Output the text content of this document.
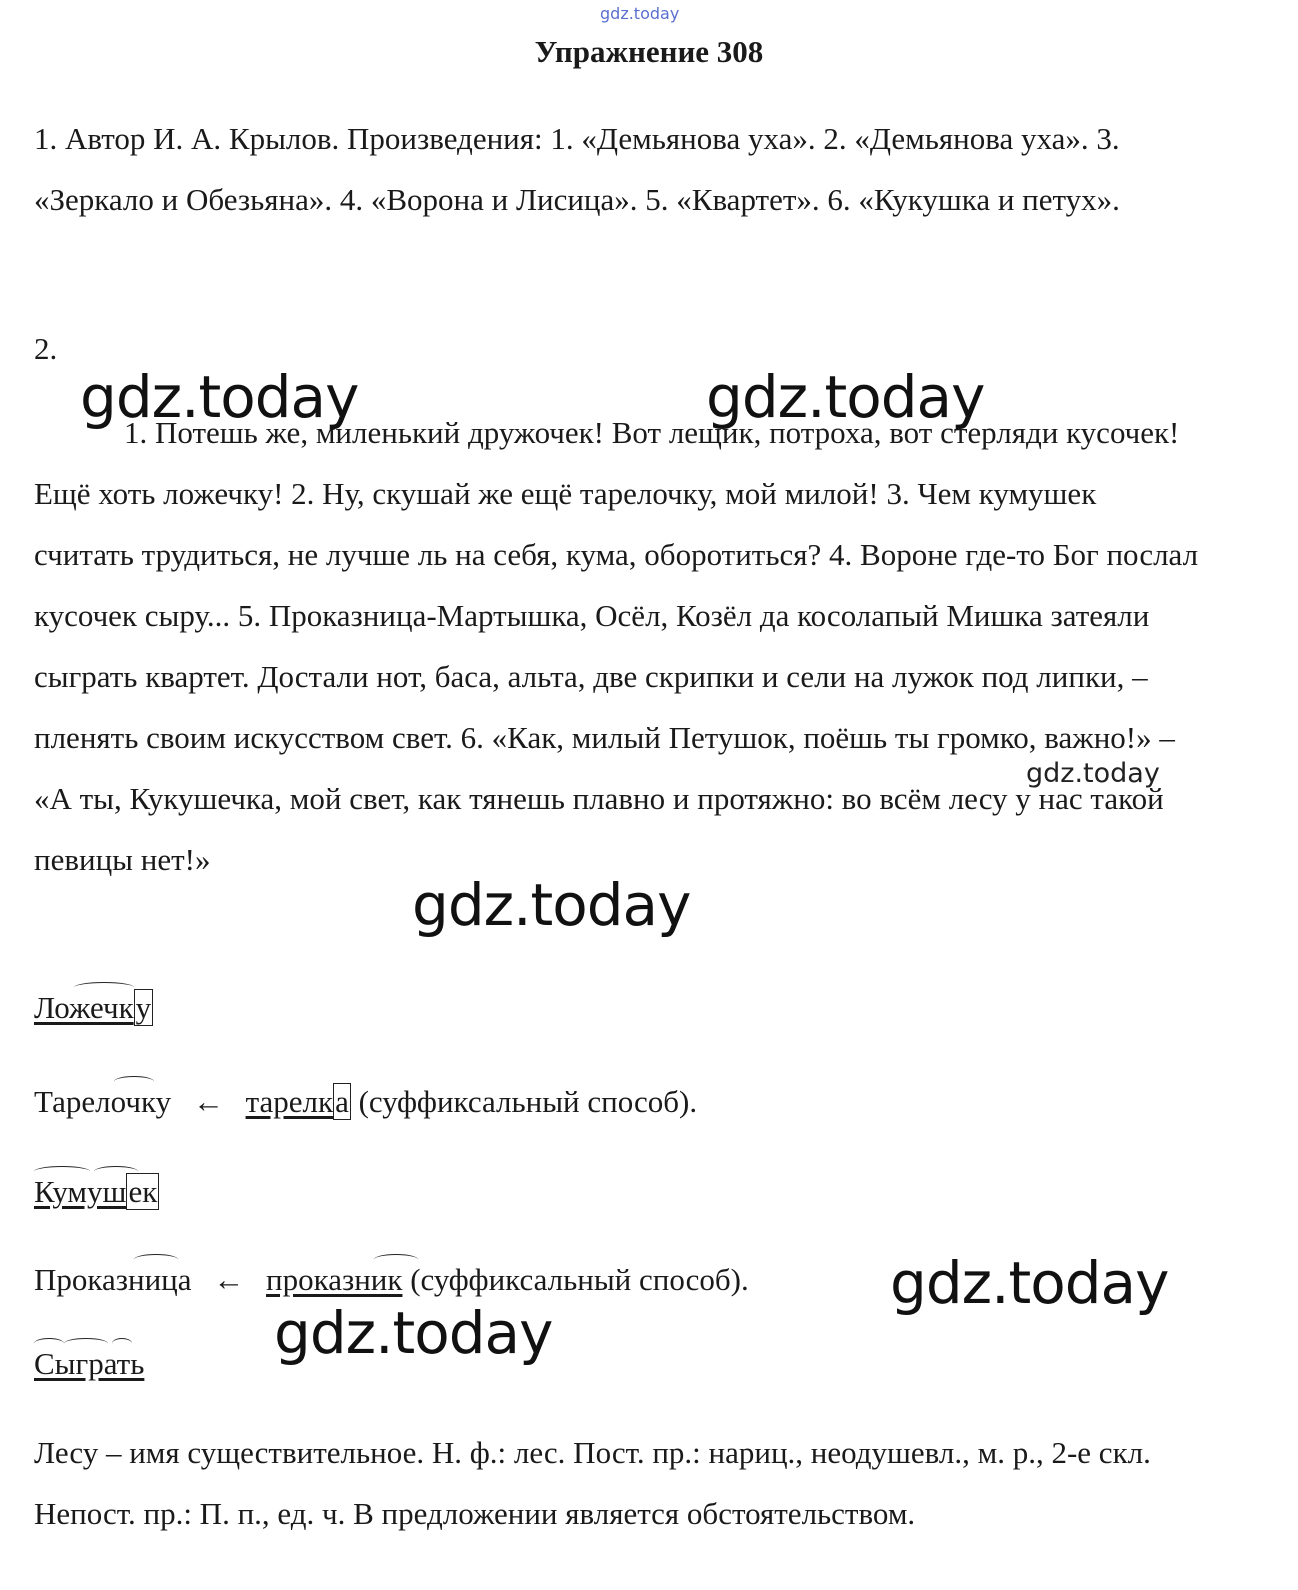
gdz.today
Упражнение 308
1. Автор И. А. Крылов. Произведения: 1. «Демьянова уха». 2. «Демьянова уха». 3. «Зеркало и Обезьяна». 4. «Ворона и Лисица». 5. «Квартет». 6. «Кукушка и петух».
2.
1. Потешь же, миленький дружочек! Вот лещик, потроха, вот стерляди кусочек! Ещё хоть ложечку! 2. Ну, скушай же ещё тарелочку, мой милой! 3. Чем кумушек считать трудиться, не лучше ль на себя, кума, оборотиться? 4. Вороне где-то Бог послал кусочек сыру... 5. Проказница-Мартышка, Осёл, Козёл да косолапый Мишка затеяли сыграть квартет. Достали нот, баса, альта, две скрипки и сели на лужок под липки, – пленять своим искусством свет. 6. «Как, милый Петушок, поёшь ты громко, важно!» – «А ты, Кукушечка, мой свет, как тянешь плавно и протяжно: во всём лесу у нас такой певицы нет!»
gdz.today	gdz.today
gdz.today
gdz.today
gdz.today
gdz.today
Ложечку
Тарелочку ← тарелка (суффиксальный способ).
Кумушек
Проказница ← проказник (суффиксальный способ).
Сыграть
Лесу – имя существительное. Н. ф.: лес. Пост. пр.: нариц., неодушевл., м. р., 2-е скл. Непост. пр.: П. п., ед. ч. В предложении является обстоятельством.
